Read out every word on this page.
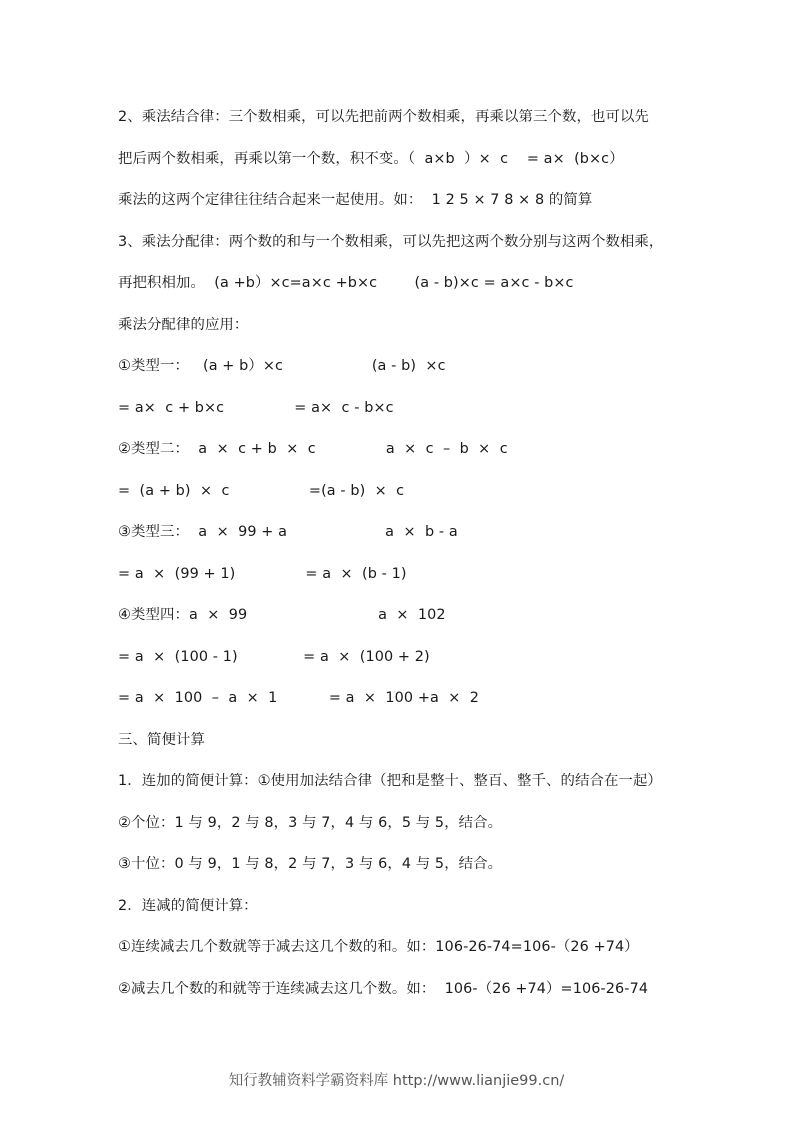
2、乘法结合律：三个数相乘，可以先把前两个数相乘，再乘以第三个数，也可以先
把后两个数相乘，再乘以第一个数，积不变。（  a×b  ）×  c    = a×  (b×c）
乘法的这两个定律往往结合起来一起使用。如：  1 2 5 × 7 8 × 8 的简算
3、乘法分配律：两个数的和与一个数相乘，可以先把这两个数分别与这两个数相乘，
再把积相加。  (a +b）×c=a×c +b×c        (a - b)×c = a×c - b×c
乘法分配律的应用：
①类型一：   (a + b）×c                   (a - b)  ×c
= a×  c + b×c               = a×  c - b×c
②类型二：  a  ×  c + b  ×  c               a  ×  c  –  b  ×  c
=  (a + b)  ×  c                 =(a - b)  ×  c
③类型三：  a  ×  99 + a                     a  ×  b - a
= a  ×  (99 + 1)               = a  ×  (b - 1)
④类型四：a  ×  99                            a  ×  102
= a  ×  (100 - 1)              = a  ×  (100 + 2)
= a  ×  100  –  a  ×  1           = a  ×  100 +a  ×  2
三、简便计算
1．连加的简便计算：①使用加法结合律（把和是整十、整百、整千、的结合在一起）
②个位：1 与 9，2 与 8，3 与 7，4 与 6，5 与 5，结合。
③十位：0 与 9，1 与 8，2 与 7，3 与 6，4 与 5，结合。
2．连减的简便计算：
①连续减去几个数就等于减去这几个数的和。如：106-26-74=106-（26 +74）
②减去几个数的和就等于连续减去这几个数。如：  106-（26 +74）=106-26-74
知行教辅资料学霸资料库 http://www.lianjie99.cn/
